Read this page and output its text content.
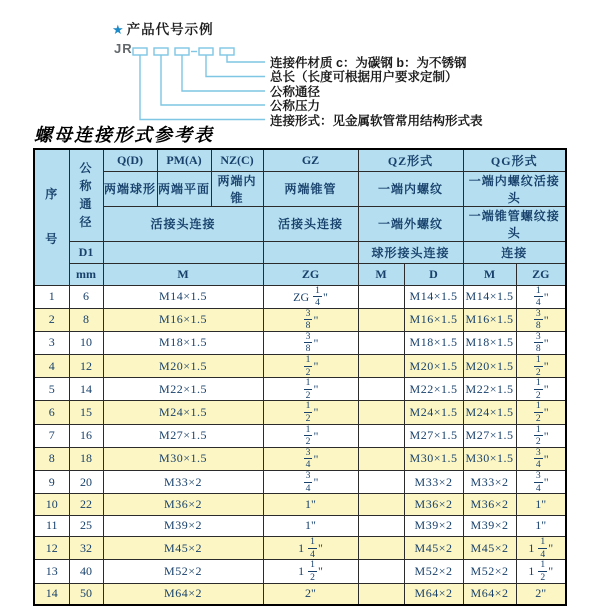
★ 产品代号示例
JR
连接件材质 c：为碳钢 b：为不锈钢
总长（长度可根据用户要求定制）
公称通径
公称压力
连接形式：见金属软管常用结构形式表
螺母连接形式参考表
序
号	公
称
通
径	Q(D)	PM(A)	NZ(C)	GZ	QZ形式		QG形式	
		两端球形	两端平面	两端内锥	两端锥管	一端内螺纹		一端内螺纹活接头	
		活接头连接			活接头连接	一端外螺纹		一端锥管螺纹接头	
	D1					球形接头连接		连接	
	mm	M			ZG	M	D	M	ZG
1	6	M14×1.5			ZG $\frac{1}{4}$ "		M14×1.5	M14×1.5	$\frac{1}{4}$ "
2	8	M16×1.5			$\frac{3}{8}$ "		M16×1.5	M16×1.5	$\frac{3}{8}$ "
3	10	M18×1.5			$\frac{3}{8}$ "		M18×1.5	M18×1.5	$\frac{3}{8}$ "
4	12	M20×1.5			$\frac{1}{2}$ "		M20×1.5	M20×1.5	$\frac{1}{2}$ "
5	14	M22×1.5			$\frac{1}{2}$ "		M22×1.5	M22×1.5	$\frac{1}{2}$ "
6	15	M24×1.5			$\frac{1}{2}$ "		M24×1.5	M24×1.5	$\frac{1}{2}$ "
7	16	M27×1.5			$\frac{1}{2}$ "		M27×1.5	M27×1.5	$\frac{1}{2}$ "
8	18	M30×1.5			$\frac{3}{4}$ "		M30×1.5	M30×1.5	$\frac{3}{4}$ "
9	20	M33×2			$\frac{3}{4}$ "		M33×2	M33×2	$\frac{3}{4}$ "
10	22	M36×2			1"		M36×2	M36×2	1"
11	25	M39×2			1"		M39×2	M39×2	1"
12	32	M45×2			$1 \frac{1}{4}$ "		M45×2	M45×2	$1 \frac{1}{4}$ "
13	40	M52×2			$1 \frac{1}{2}$ "		M52×2	M52×2	$1 \frac{1}{2}$ "
14	50	M64×2			2"		M64×2	M64×2	2"
